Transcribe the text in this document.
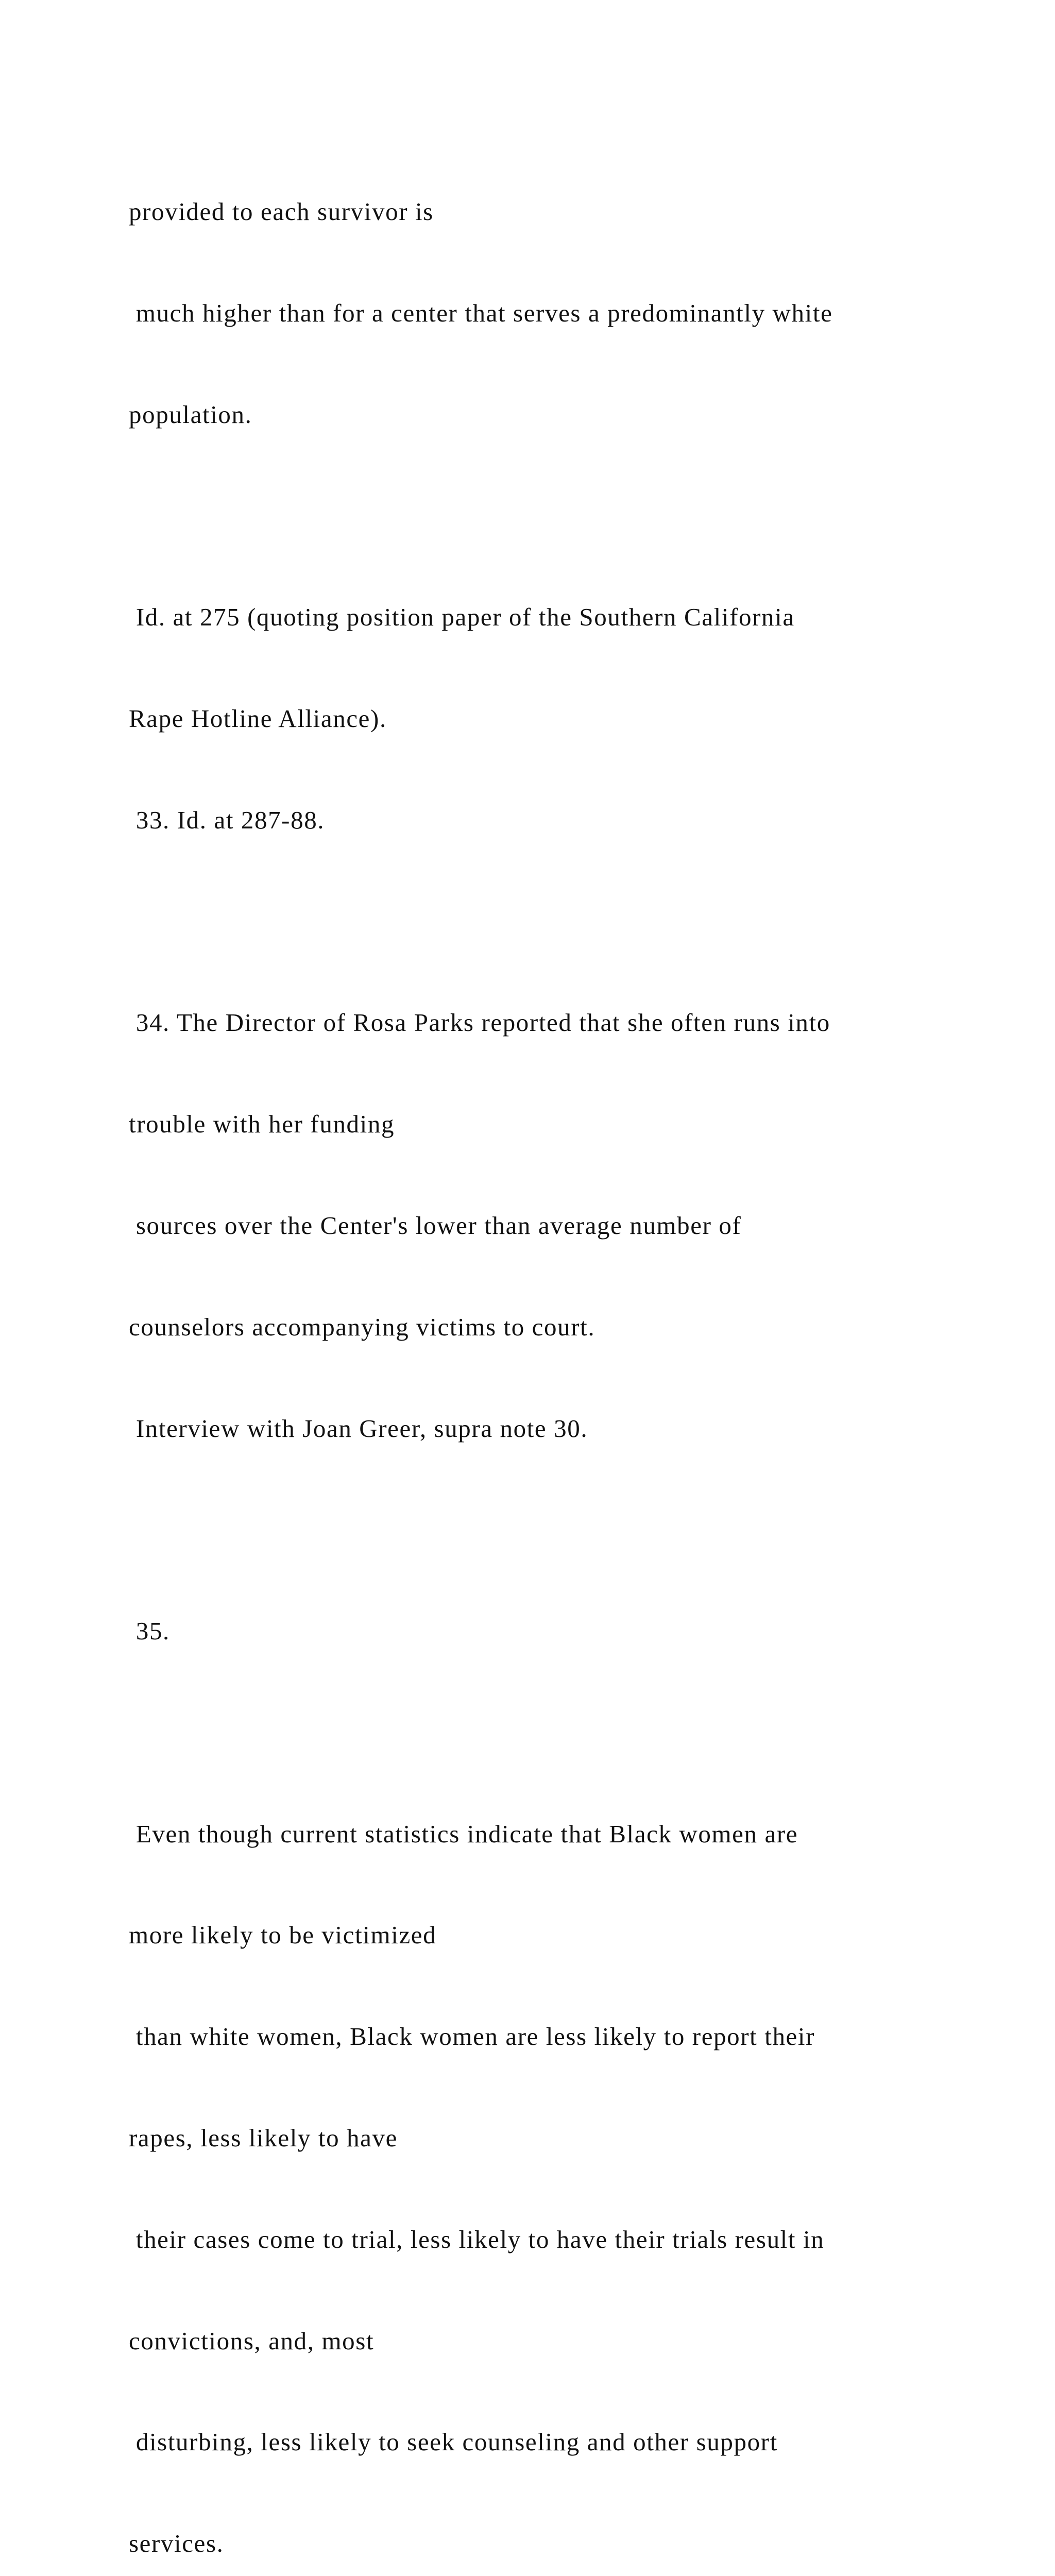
provided to each survivor is

much higher than for a center that serves a predominantly white

population.

Id. at 275 (quoting position paper of the Southern California

Rape Hotline Alliance).

33. Id. at 287-88.

34. The Director of Rosa Parks reported that she often runs into

trouble with her funding

sources over the Center's lower than average number of

counselors accompanying victims to court.

Interview with Joan Greer, supra note 30.

35.

Even though current statistics indicate that Black women are

more likely to be victimized

than white women, Black women are less likely to report their

rapes, less likely to have

their cases come to trial, less likely to have their trials result in

convictions, and, most

disturbing, less likely to seek counseling and other support

services.
